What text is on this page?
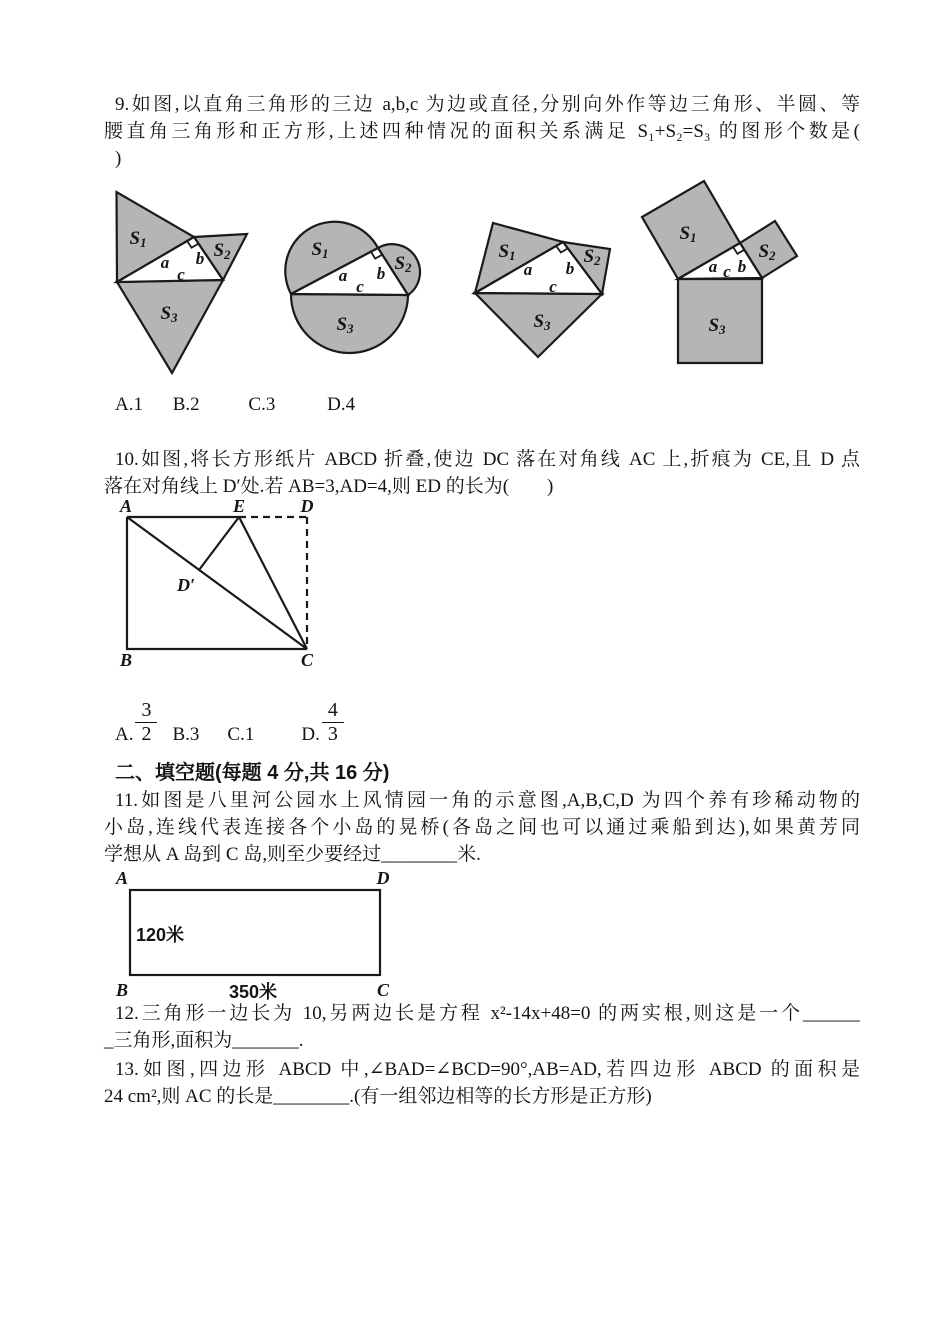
9.如图,以直角三角形的三边 a,b,c 为边或直径,分别向外作等边三角形、半圆、等
腰直角三角形和正方形,上述四种情况的面积关系满足 S₁+S₂=S₃ 的图形个数是(
)
S1	S2
S3
a
c
b	S1	S2
S3
a
c
b
S1	S2
S3
a
c
b
S1
S2
S3
a c b
A.1 B.2	C.3	D.4
10.如图,将长方形纸片 ABCD 折叠,使边 DC 落在对角线 AC 上,折痕为 CE,且 D 点
落在对角线上 D′处.若 AB=3,AD=4,则 ED 的长为(　　)
A	E	D
B	C
D′
A. $\frac{3}{2} B.3$ C.1 D. $\frac{4}{3}$
二、填空题(每题 4 分,共 16 分)
11.如图是八里河公园水上风情园一角的示意图,A,B,C,D 为四个养有珍稀动物的
小岛,连线代表连接各个小岛的晃桥(各岛之间也可以通过乘船到达),如果黄芳同
学想从 A 岛到 C 岛,则至少要经过________米.
A	D
B	C
120米
350米
12.三角形一边长为 10,另两边长是方程 x²-14x+48=0 的两实根,则这是一个______
_三角形,面积为_______.
13.如图,四边形 ABCD 中,∠BAD=∠BCD=90°,AB=AD,若四边形 ABCD 的面积是
24 cm²,则 AC 的长是________.(有一组邻边相等的长方形是正方形)
